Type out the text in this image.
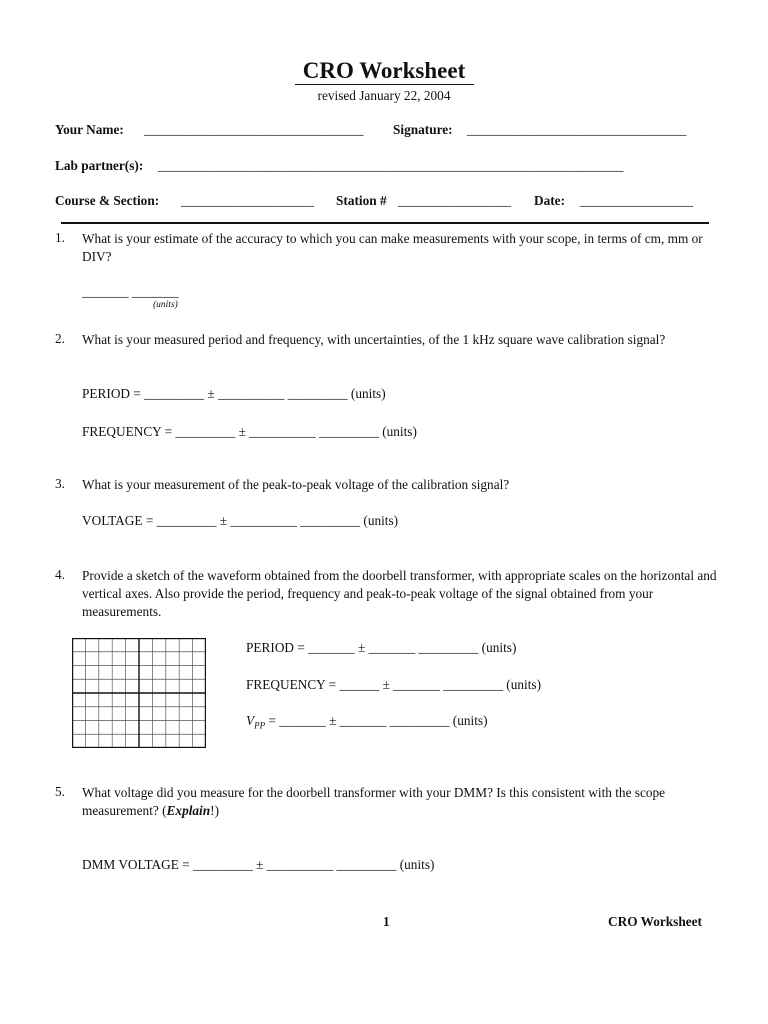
CRO Worksheet
revised January 22, 2004
Your Name: _________________________________ Signature: _________________________________
Lab partner(s): ______________________________________________________________________
Course & Section: ____________________ Station # _________________ Date: _________________
1. What is your estimate of the accuracy to which you can make measurements with your scope, in terms of cm, mm or DIV?
_______ _______
(units)
2. What is your measured period and frequency, with uncertainties, of the 1 kHz square wave calibration signal?
PERIOD = _________ ± __________ _________ (units)
FREQUENCY = _________ ± __________ _________ (units)
3. What is your measurement of the peak-to-peak voltage of the calibration signal?
VOLTAGE = _________ ± __________ _________ (units)
4. Provide a sketch of the waveform obtained from the doorbell transformer, with appropriate scales on the horizontal and vertical axes. Also provide the period, frequency and peak-to-peak voltage of the signal obtained from your measurements.
PERIOD = _______ ± _______ _________ (units)
FREQUENCY = ______ ± _______ _________ (units)
$V_{PP}$ = _______ ± _______ _________ (units)
5. What voltage did you measure for the doorbell transformer with your DMM? Is this consistent with the scope measurement? (Explain!)
DMM VOLTAGE = _________ ± __________ _________ (units)
1	CRO Worksheet
